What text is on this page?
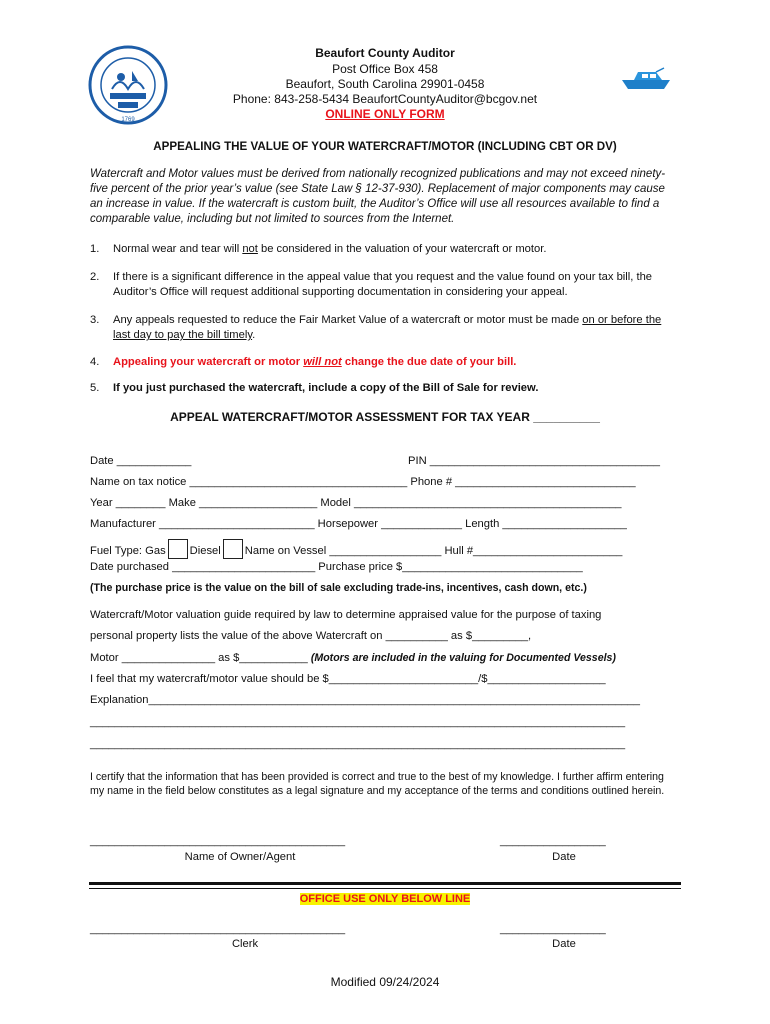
1769
Beaufort County Auditor
Post Office Box 458
Beaufort, South Carolina 29901-0458
Phone: 843-258-5434 BeaufortCountyAuditor@bcgov.net
ONLINE ONLY FORM
APPEALING THE VALUE OF YOUR WATERCRAFT/MOTOR (INCLUDING CBT OR DV)
Watercraft and Motor values must be derived from nationally recognized publications and may not exceed ninety-five percent of the prior year’s value (see State Law § 12-37-930). Replacement of major components may cause an increase in value. If the watercraft is custom built, the Auditor’s Office will use all resources available to find a comparable value, including but not limited to sources from the Internet.
1. Normal wear and tear will not be considered in the valuation of your watercraft or motor.
2. If there is a significant difference in the appeal value that you request and the value found on your tax bill, the Auditor’s Office will request additional supporting documentation in considering your appeal.
3. Any appeals requested to reduce the Fair Market Value of a watercraft or motor must be made on or before the last day to pay the bill timely.
4. Appealing your watercraft or motor will not change the due date of your bill.
5. If you just purchased the watercraft, include a copy of the Bill of Sale for review.
APPEAL WATERCRAFT/MOTOR ASSESSMENT FOR TAX YEAR __________
Date ____________	PIN _____________________________________
Name on tax notice ___________________________________ Phone # _____________________________
Year ________ Make ___________________ Model ___________________________________________
Manufacturer _________________________ Horsepower _____________ Length ____________________
Fuel Type: Gas Diesel Name on Vessel __________________ Hull #________________________
Date purchased _______________________ Purchase price $_____________________________
(The purchase price is the value on the bill of sale excluding trade-ins, incentives, cash down, etc.)
Watercraft/Motor valuation guide required by law to determine appraised value for the purpose of taxing
personal property lists the value of the above Watercraft on __________ as $_________,
Motor _______________ as $___________ (Motors are included in the valuing for Documented Vessels)
I feel that my watercraft/motor value should be $________________________/$___________________
Explanation_______________________________________________________________________________
______________________________________________________________________________________
______________________________________________________________________________________
I certify that the information that has been provided is correct and true to the best of my knowledge. I further affirm entering my name in the field below constitutes as a legal signature and my acceptance of the terms and conditions outlined herein.
_________________________________________	_________________
Name of Owner/Agent	Date
OFFICE USE ONLY BELOW LINE
_________________________________________	_________________
Clerk	Date
Modified 09/24/2024
